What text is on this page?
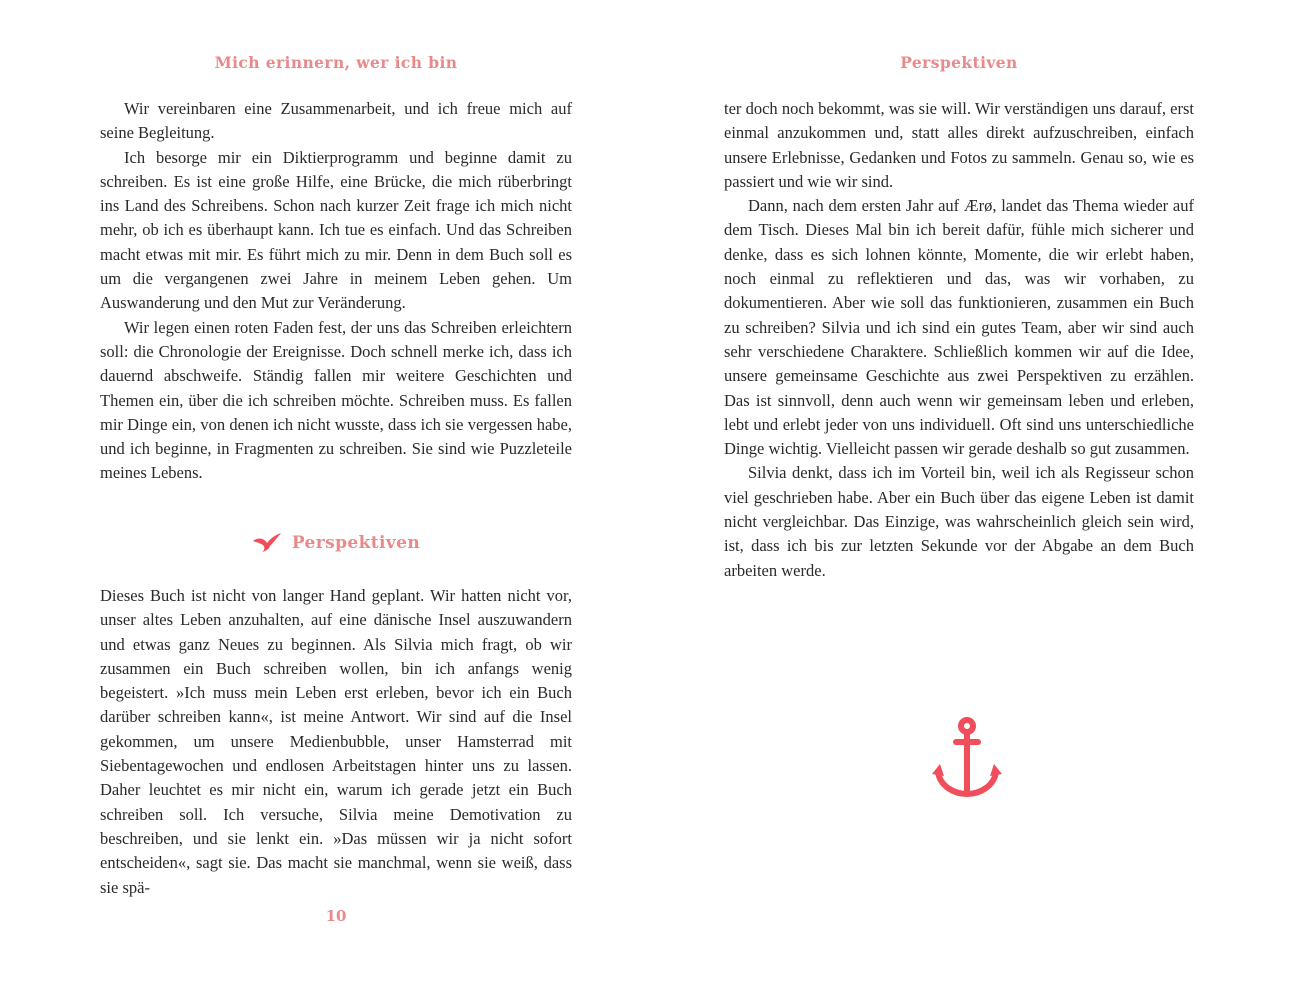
Mich erinnern, wer ich bin

Wir vereinbaren eine Zusammenarbeit, und ich freue mich auf seine Begleitung.

Ich besorge mir ein Diktierprogramm und beginne damit zu schreiben. Es ist eine große Hilfe, eine Brücke, die mich rüberbringt ins Land des Schreibens. Schon nach kurzer Zeit frage ich mich nicht mehr, ob ich es überhaupt kann. Ich tue es einfach. Und das Schreiben macht etwas mit mir. Es führt mich zu mir. Denn in dem Buch soll es um die vergangenen zwei Jahre in meinem Leben gehen. Um Auswanderung und den Mut zur Veränderung.

Wir legen einen roten Faden fest, der uns das Schreiben erleichtern soll: die Chronologie der Ereignisse. Doch schnell merke ich, dass ich dauernd abschweife. Ständig fallen mir weitere Geschichten und Themen ein, über die ich schreiben möchte. Schreiben muss. Es fallen mir Dinge ein, von denen ich nicht wusste, dass ich sie vergessen habe, und ich beginne, in Fragmenten zu schreiben. Sie sind wie Puzzleteile meines Lebens.

Perspektiven

Dieses Buch ist nicht von langer Hand geplant. Wir hatten nicht vor, unser altes Leben anzuhalten, auf eine dänische Insel auszuwandern und etwas ganz Neues zu beginnen. Als Silvia mich fragt, ob wir zusammen ein Buch schreiben wollen, bin ich anfangs wenig begeistert. »Ich muss mein Leben erst erleben, bevor ich ein Buch darüber schreiben kann«, ist meine Antwort. Wir sind auf die Insel gekommen, um unsere Medienbubble, unser Hamsterrad mit Siebentagewochen und endlosen Arbeitstagen hinter uns zu lassen. Daher leuchtet es mir nicht ein, warum ich gerade jetzt ein Buch schreiben soll. Ich versuche, Silvia meine Demotivation zu beschreiben, und sie lenkt ein. »Das müssen wir ja nicht sofort entscheiden«, sagt sie. Das macht sie manchmal, wenn sie weiß, dass sie spä-

10
Perspektiven

ter doch noch bekommt, was sie will. Wir verständigen uns darauf, erst einmal anzukommen und, statt alles direkt aufzuschreiben, einfach unsere Erlebnisse, Gedanken und Fotos zu sammeln. Genau so, wie es passiert und wie wir sind.

Dann, nach dem ersten Jahr auf Ærø, landet das Thema wieder auf dem Tisch. Dieses Mal bin ich bereit dafür, fühle mich sicherer und denke, dass es sich lohnen könnte, Momente, die wir erlebt haben, noch einmal zu reflektieren und das, was wir vorhaben, zu dokumentieren. Aber wie soll das funktionieren, zusammen ein Buch zu schreiben? Silvia und ich sind ein gutes Team, aber wir sind auch sehr verschiedene Charaktere. Schließlich kommen wir auf die Idee, unsere gemeinsame Geschichte aus zwei Perspektiven zu erzählen. Das ist sinnvoll, denn auch wenn wir gemeinsam leben und erleben, lebt und erlebt jeder von uns individuell. Oft sind uns unterschiedliche Dinge wichtig. Vielleicht passen wir gerade deshalb so gut zusammen.

Silvia denkt, dass ich im Vorteil bin, weil ich als Regisseur schon viel geschrieben habe. Aber ein Buch über das eigene Leben ist damit nicht vergleichbar. Das Einzige, was wahrscheinlich gleich sein wird, ist, dass ich bis zur letzten Sekunde vor der Abgabe an dem Buch arbeiten werde.
